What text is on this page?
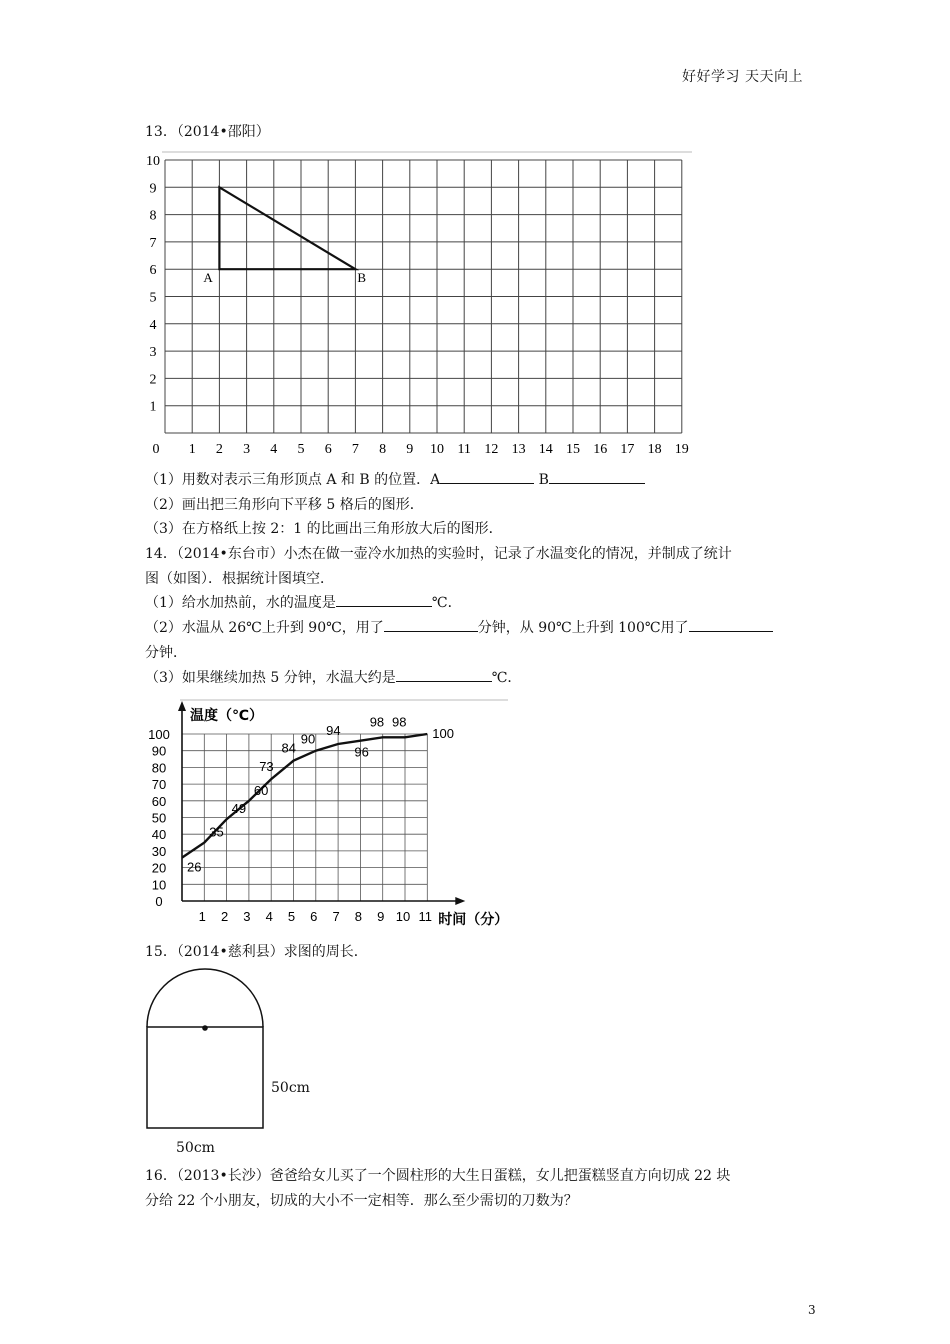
好好学习 天天向上
13．（2014•邵阳）
0 1 2 3 4 5 6 7 8 9 10 11 12 13 14 15 16 17 18 19
1
2
3
4
5
6
7
8
9
10
A	B
（1）用数对表示三角形顶点 A 和 B 的位置．A	B
（2）画出把三角形向下平移 5 格后的图形．
（3）在方格纸上按 2：1 的比画出三角形放大后的图形．
14．（2014•东台市）小杰在做一壶冷水加热的实验时，记录了水温变化的情况，并制成了统计
图（如图）．根据统计图填空．
（1）给水加热前，水的温度是	℃．
（2）水温从 26℃上升到 90℃，用了	分钟，从 90℃上升到 100℃用了
分钟．
（3）如果继续加热 5 分钟，水温大约是	℃．
0
10
20
30
40
50
60
70
80
90
100
1 2 3 4 5 6 7 8 9 10 11
26
35
49
60
73
84
90
94
96
98 98
100
温度（℃）
时间（分）
15．（2014•慈利县）求图的周长．
50cm
50cm
16．（2013•长沙）爸爸给女儿买了一个圆柱形的大生日蛋糕，女儿把蛋糕竖直方向切成 22 块
分给 22 个小朋友，切成的大小不一定相等．那么至少需切的刀数为？
3
